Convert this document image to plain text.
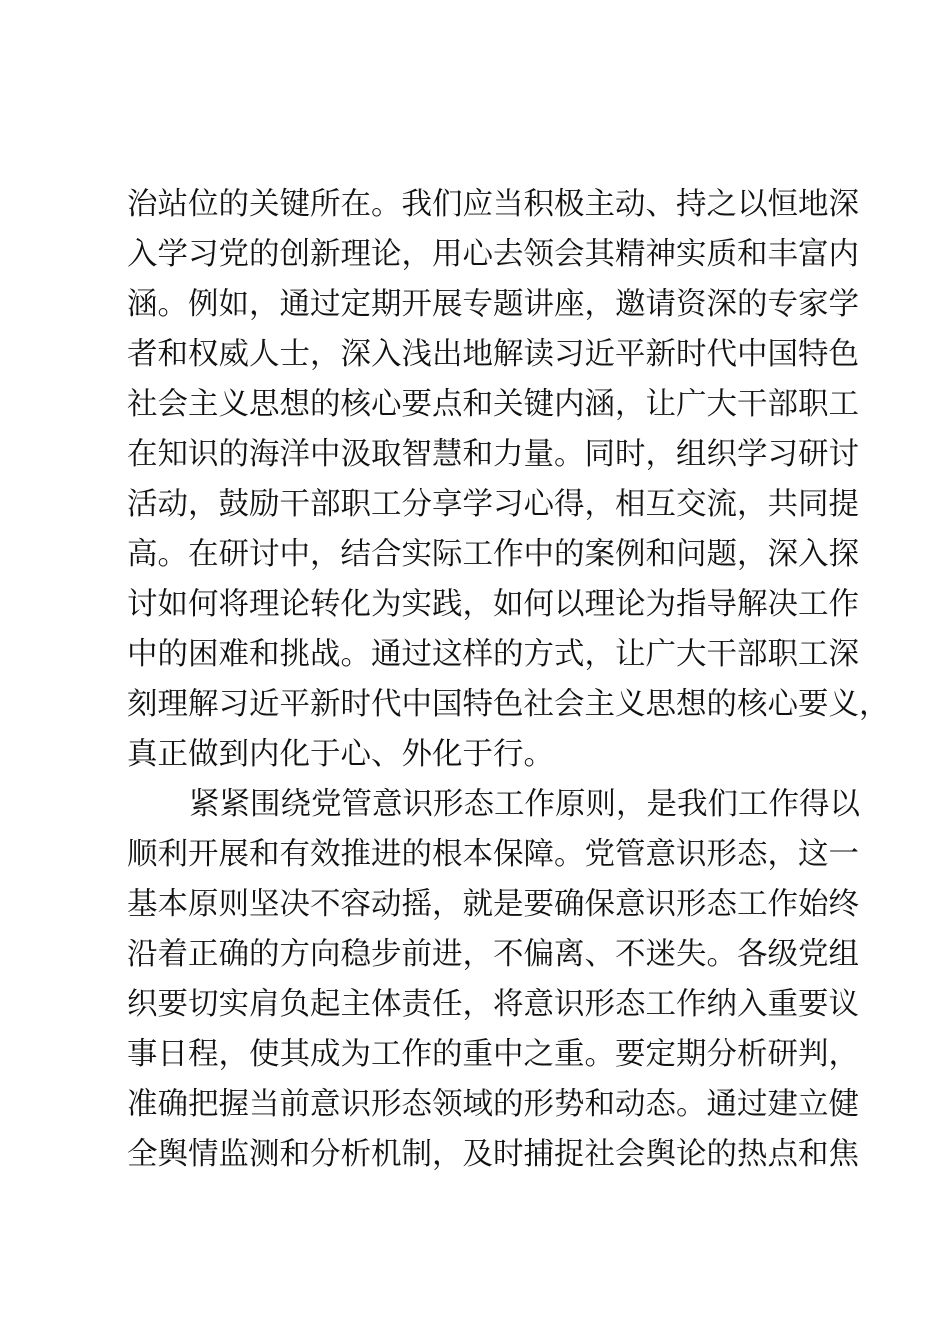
治站位的关键所在。我们应当积极主动、持之以恒地深
入学习党的创新理论，用心去领会其精神实质和丰富内
涵。例如，通过定期开展专题讲座，邀请资深的专家学
者和权威人士，深入浅出地解读习近平新时代中国特色
社会主义思想的核心要点和关键内涵，让广大干部职工
在知识的海洋中汲取智慧和力量。同时，组织学习研讨
活动，鼓励干部职工分享学习心得，相互交流，共同提
高。在研讨中，结合实际工作中的案例和问题，深入探
讨如何将理论转化为实践，如何以理论为指导解决工作
中的困难和挑战。通过这样的方式，让广大干部职工深
刻理解习近平新时代中国特色社会主义思想的核心要义，
真正做到内化于心、外化于行。
紧紧围绕党管意识形态工作原则，是我们工作得以
顺利开展和有效推进的根本保障。党管意识形态，这一
基本原则坚决不容动摇，就是要确保意识形态工作始终
沿着正确的方向稳步前进，不偏离、不迷失。各级党组
织要切实肩负起主体责任，将意识形态工作纳入重要议
事日程，使其成为工作的重中之重。要定期分析研判，
准确把握当前意识形态领域的形势和动态。通过建立健
全舆情监测和分析机制，及时捕捉社会舆论的热点和焦
